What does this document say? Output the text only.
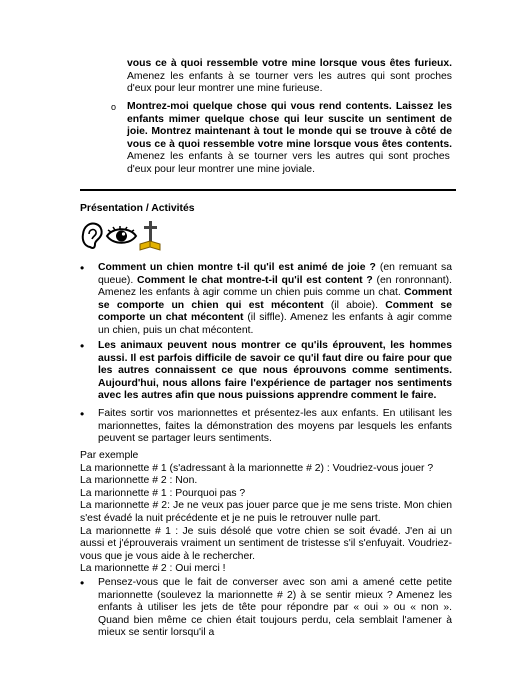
vous ce à quoi ressemble votre mine lorsque vous êtes furieux. Amenez les enfants à se tourner vers les autres qui sont proches d'eux pour leur montrer une mine furieuse.

o Montrez-moi quelque chose qui vous rend contents. Laissez les enfants mimer quelque chose qui leur suscite un sentiment de joie. Montrez maintenant à tout le monde qui se trouve à côté de vous ce à quoi ressemble votre mine lorsque vous êtes contents. Amenez les enfants à se tourner vers les autres qui sont proches d'eux pour leur montrer une mine joviale.

Présentation / Activités
• Comment un chien montre t-il qu'il est animé de joie ? (en remuant sa queue). Comment le chat montre-t-il qu'il est content ? (en ronronnant). Amenez les enfants à agir comme un chien puis comme un chat. Comment se comporte un chien qui est mécontent (il aboie). Comment se comporte un chat mécontent (il siffle). Amenez les enfants à agir comme un chien, puis un chat mécontent.

• Les animaux peuvent nous montrer ce qu'ils éprouvent, les hommes aussi. Il est parfois difficile de savoir ce qu'il faut dire ou faire pour que les autres connaissent ce que nous éprouvons comme sentiments. Aujourd'hui, nous allons faire l'expérience de partager nos sentiments avec les autres afin que nous puissions apprendre comment le faire.

• Faites sortir vos marionnettes et présentez-les aux enfants. En utilisant les marionnettes, faites la démonstration des moyens par lesquels les enfants peuvent se partager leurs sentiments.

Par exemple

La marionnette # 1 (s'adressant à la marionnette # 2) : Voudriez-vous jouer ?

La marionnette # 2 : Non.

La marionnette # 1 : Pourquoi pas ?

La marionnette # 2: Je ne veux pas jouer parce que je me sens triste. Mon chien s'est évadé la nuit précédente et je ne puis le retrouver nulle part.

La marionnette # 1 : Je suis désolé que votre chien se soit évadé. J'en ai un aussi et j'éprouverais vraiment un sentiment de tristesse s'il s'enfuyait. Voudriez-vous que je vous aide à le rechercher.

La marionnette # 2 : Oui merci !

• Pensez-vous que le fait de converser avec son ami a amené cette petite marionnette (soulevez la marionnette # 2) à se sentir mieux ? Amenez les enfants à utiliser les jets de tête pour répondre par « oui » ou « non ». Quand bien même ce chien était toujours perdu, cela semblait l'amener à mieux se sentir lorsqu'il a
